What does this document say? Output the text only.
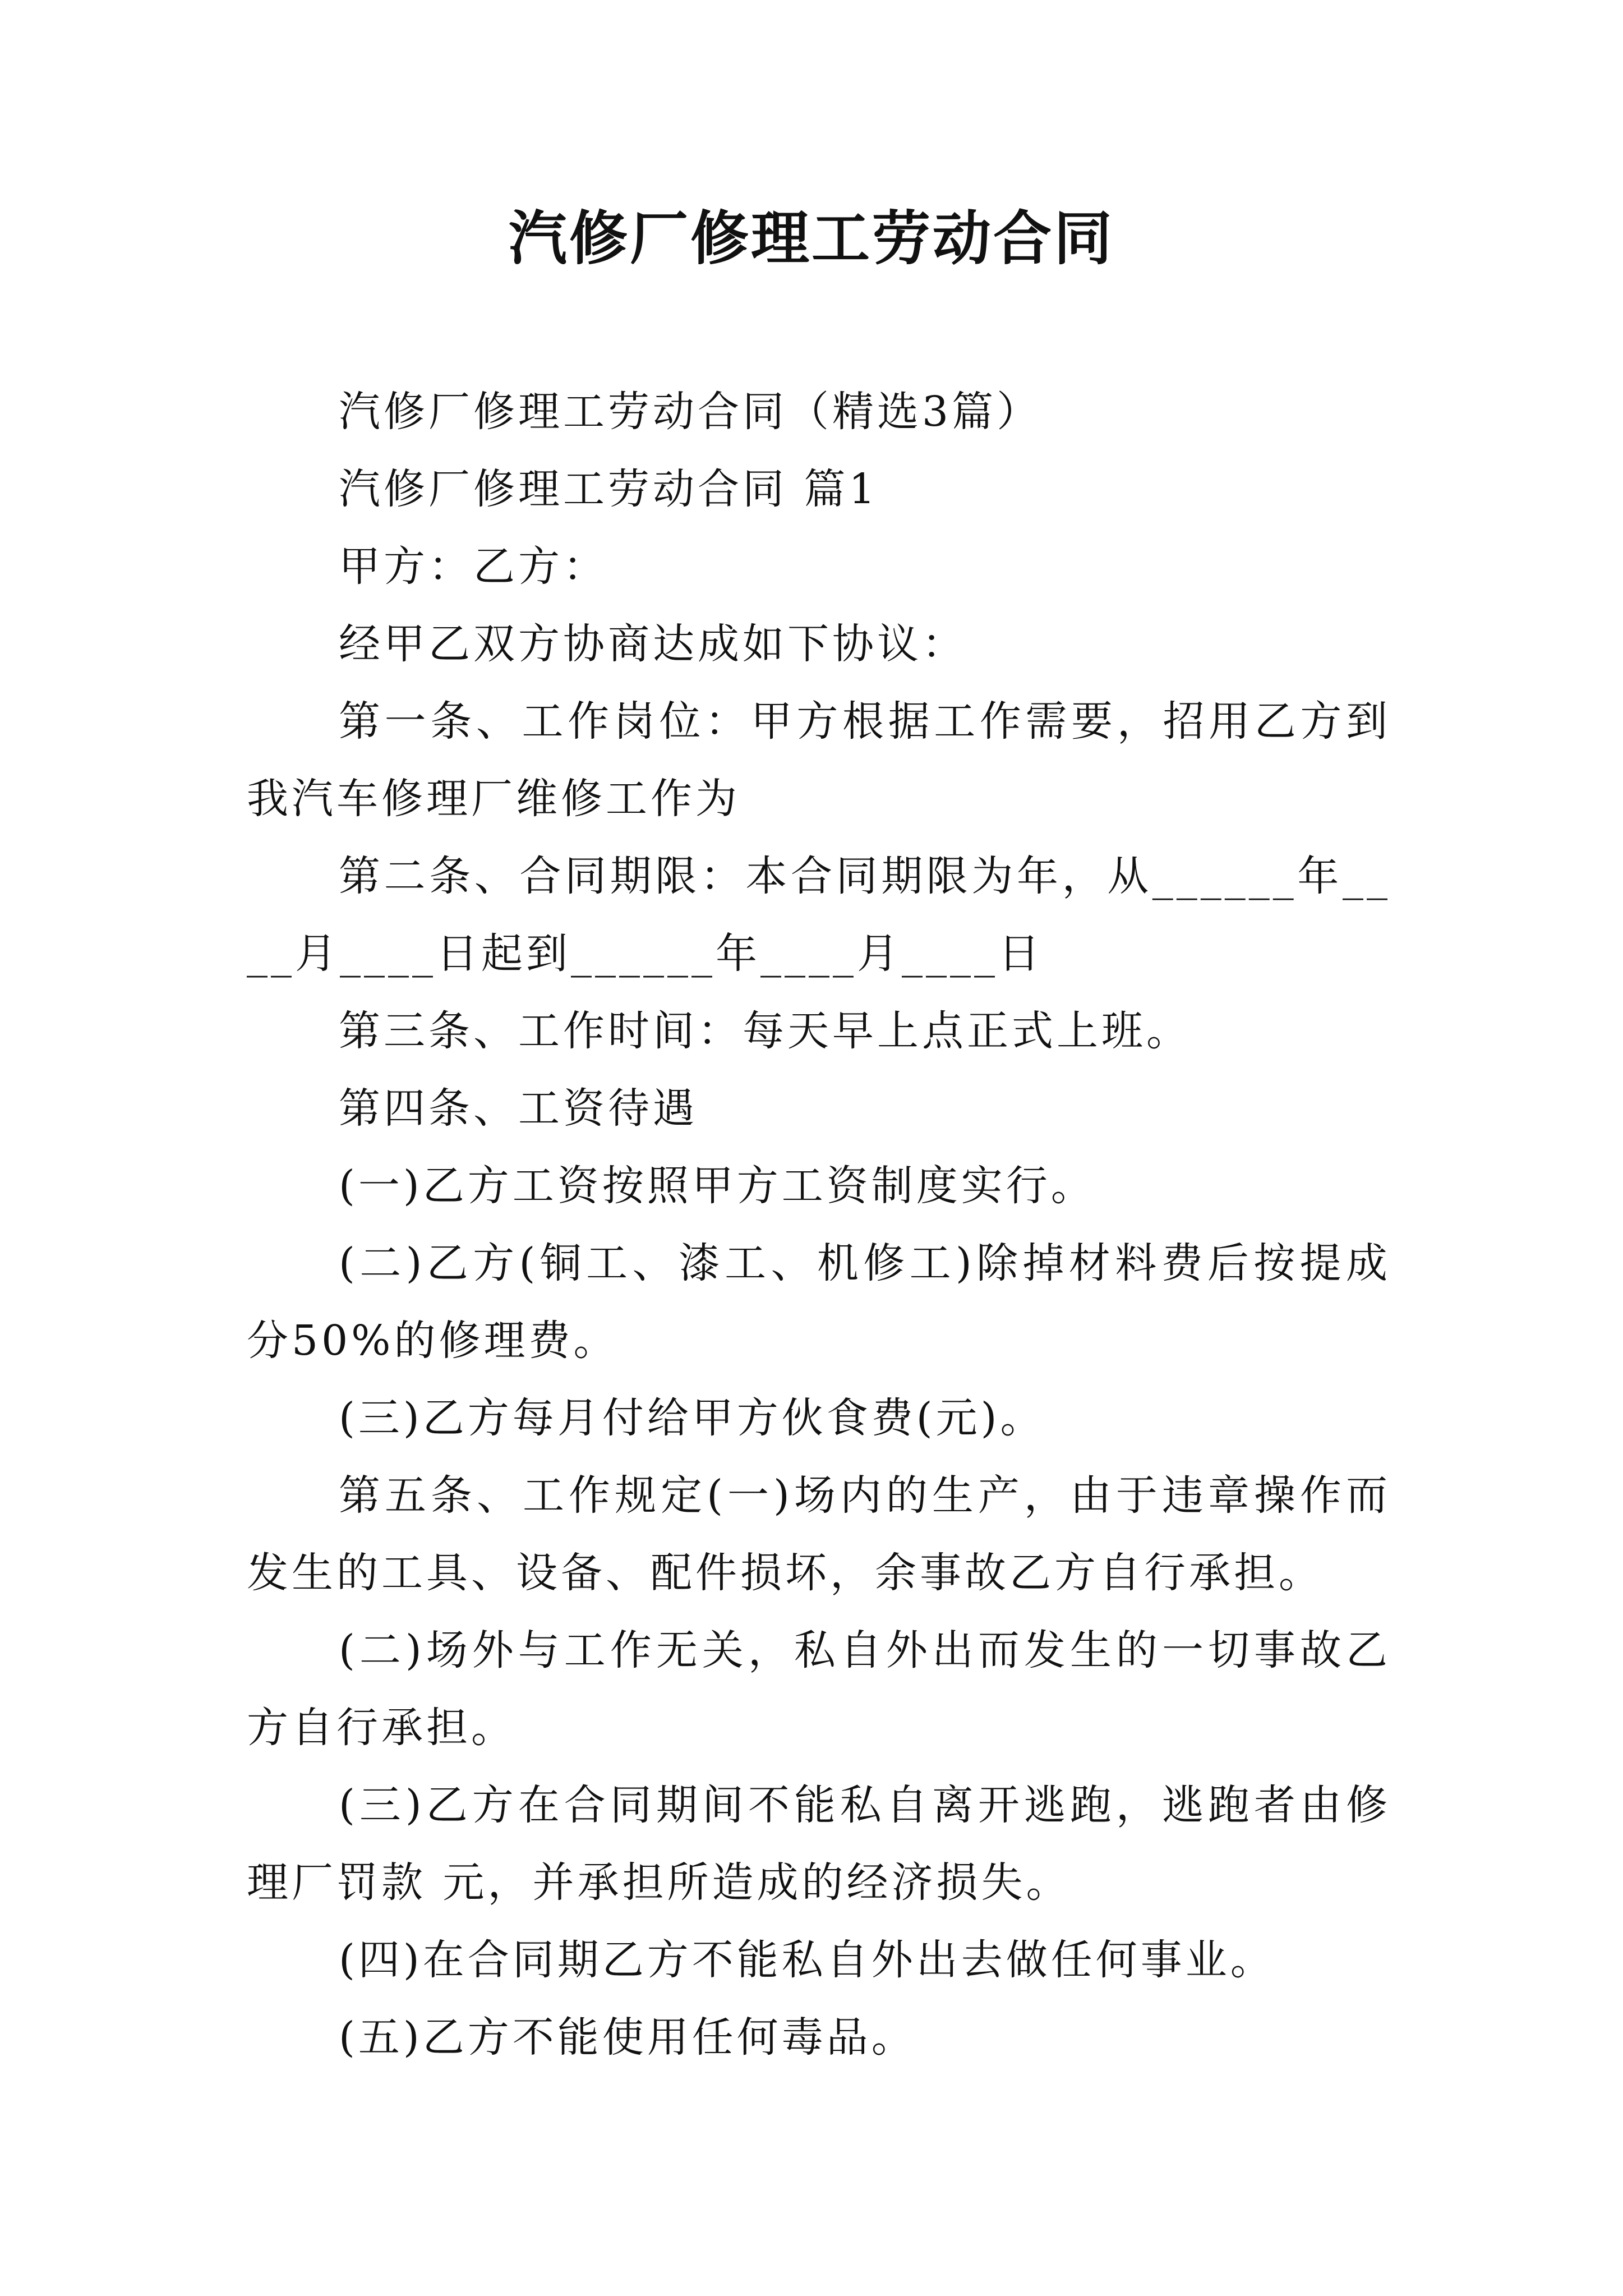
汽修厂修理工劳动合同

汽修厂修理工劳动合同（精选3篇）

汽修厂修理工劳动合同 篇1

甲方：乙方：

经甲乙双方协商达成如下协议：

第一条、工作岗位：甲方根据工作需要，招用乙方到我汽车修理厂维修工作为

第二条、合同期限：本合同期限为年，从______年____月____日起到______年____月____日

第三条、工作时间：每天早上点正式上班。

第四条、工资待遇

(一)乙方工资按照甲方工资制度实行。

(二)乙方(铜工、漆工、机修工)除掉材料费后按提成分50%的修理费。

(三)乙方每月付给甲方伙食费(元)。

第五条、工作规定(一)场内的生产，由于违章操作而发生的工具、设备、配件损坏，余事故乙方自行承担。

(二)场外与工作无关，私自外出而发生的一切事故乙方自行承担。

(三)乙方在合同期间不能私自离开逃跑，逃跑者由修理厂罚款 元，并承担所造成的经济损失。

(四)在合同期乙方不能私自外出去做任何事业。

(五)乙方不能使用任何毒品。
